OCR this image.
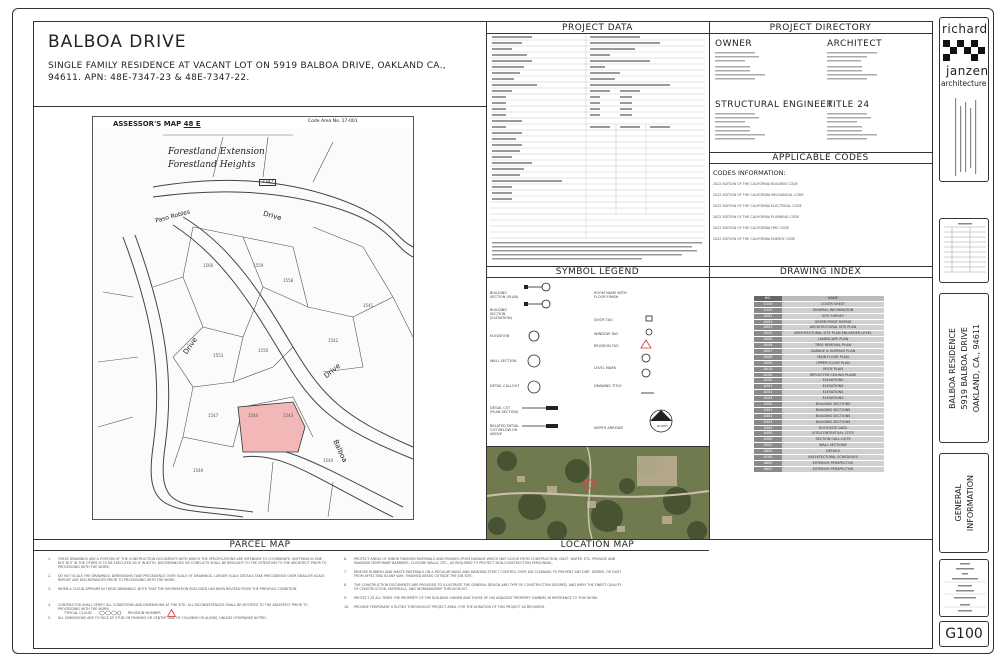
BALBOA DRIVE
SINGLE FAMILY RESIDENCE AT VACANT LOT ON 5919 BALBOA DRIVE, OAKLAND CA.,
94611. APN: 48E-7347-23 & 48E-7347-22.
ASSESSOR'S MAP 48 E	Code Area No. 17-001
1560	1559
1558
1553
1550
1542
1547	1544	1543
1549
1540
1541
Forestland Extension
Forestland Heights
7347
Paso Robles	Drive
Balboa
Drive
Drive
PARCEL MAP
PROJECT DATA	PROJECT DIRECTORY
OWNER	ARCHITECT
STRUCTURAL ENGINEER
TITLE 24
APPLICABLE CODES
CODES INFORMATION:
2022 EDITION OF THE CALIFORNIA BUILDING CODE
2022 EDITION OF THE CALIFORNIA MECHANICAL CODE
2022 EDITION OF THE CALIFORNIA ELECTRICAL CODE
2022 EDITION OF THE CALIFORNIA PLUMBING CODE
2022 EDITION OF THE CALIFORNIA FIRE CODE
2022 EDITION OF THE CALIFORNIA ENERGY CODE
SYMBOL LEGEND
BUILDING SECTION (PLAN)
BUILDING SECTION (ELEVATION)
ELEVATION
WALL SECTION
DETAIL CALLOUT
DETAIL CUT (PLAN SECTION)
RELATED DETAIL CUT BELOW OR ABOVE
ROOM NAME WITH FLOOR FINISH
DOOR TAG
WINDOW TAG
REVISION TAG
LEVEL MARK
DRAWING TITLE
NORTH ARROWS	NORTH
LOCATION MAP
DRAWING INDEX
NO.	NAME
G100	COVER SHEET
G101	GENERAL INFORMATION
A001	SITE SURVEY
A002	GREEN POINT RATING
A003	ARCHITECTURAL SITE PLAN
A004	ARCHITECTURAL SITE PLAN ENLARGED LEVEL
A005	LANDSCAPE PLAN
A006	TREE REMOVAL PLAN
A007	GARAGE & SURFACE PLAN
A008	MAIN FLOOR PLAN
A009	UPPER FLOOR PLAN
A010	ROOF PLAN
A100	REFLECTED CEILING PLANS
A200	ELEVATIONS
A201	ELEVATIONS
A202	ELEVATIONS
A203	ELEVATIONS
A300	BUILDING SECTIONS
A301	BUILDING SECTIONS
A302	BUILDING SECTIONS
A303	BUILDING SECTIONS
A304	ROOF/SITE DATA
A400	SITE/CONTEXTUAL COTS
A500	SECTION CALL-OUTS
A501	WALL SECTIONS
A600	DETAILS
A700	ARCHITECTURAL SCHEDULES
A800	EXTERIOR PERSPECTIVE
A801	EXTERIOR PERSPECTIVE
1.	THESE DRAWINGS ARE A PORTION OF THE CONSTRUCTION DOCUMENTS WITH WHICH THE SPECIFICATIONS ARE INTENDED TO COORDINATE. ANYTHING IN ONE BUT NOT IN THE OTHER IS TO BE EXECUTED AS IF IN BOTH. DISCREPANCIES OR CONFLICTS SHALL BE BROUGHT TO THE ATTENTION TO THE ARCHITECT PRIOR TO PROCEEDING WITH THE WORK.
2.	DO NOT SCALE THE DRAWINGS. DIMENSIONS TAKE PRECEDENCE OVER SCALE OF DRAWINGS. LARGER SCALE DETAILS TAKE PRECEDENCE OVER SMALLER SCALE. REPORT ANY DISCREPANCIES PRIOR TO PROCEEDING WITH THE WORK.
3.	WHEN A CLOUD APPEARS IN THESE DRAWINGS, NOTE THAT THE INFORMATION ENCLOSED HAS BEEN REVISED FROM THE PREVIOUS CONDITION.
4.	CONTRACTOR SHALL VERIFY ALL CONDITIONS AND DIMENSIONS AT THE SITE. ALL INCONSISTENCIES SHALL BE NOTIFIED TO THE ARCHITECT PRIOR TO PROCEEDING WITH THE WORK.
5.	ALL DIMENSIONS ARE TO FACE OF STUD OR FINISHES OR CENTER LINE OF COLUMNS OR ALIGNS, UNLESS OTHERWISE NOTED.
6.	PROTECT AREAS OF MINOR FINISHED MATERIALS AND FINISHES FROM DAMAGE WHICH MAY OCCUR FROM CONSTRUCTION, DUST, WATER, ETC. PROVIDE AND MAINTAIN TEMPORARY BARRIERS, CLOSURE WALLS, ETC., AS REQUIRED TO PROTECT NON-CONSTRUCTION PERSONNEL.
7.	REMOVE RUBBISH AND WASTE MATERIALS ON A REGULAR BASIS AND MAINTAIN STRICT CONTROL OVER JOB CLEANING TO PREVENT ANY DIRT, DEBRIS, OR DUST FROM AFFECTING IN ANY WAY, FINISHED AREAS OUTSIDE THE JOB SITE.
8.	THE CONSTRUCTION DOCUMENTS ARE PROVIDED TO ILLUSTRATE THE GENERAL DESIGN AND TYPE OF CONSTRUCTION DESIRED, AND IMPLY THE FINEST QUALITY OF CONSTRUCTION, MATERIALS, AND WORKMANSHIP THROUGHOUT.
9.	PROTECT AT ALL TIMES THE PROPERTY OF THE BUILDING OWNER AND THOSE OF HIS ADJACENT PROPERTY OWNERS IN REFERENCE TO THIS WORK.
10.	PROVIDE TEMPORARY UTILITIES THROUGHOUT PROJECT AREA, FOR THE DURATION OF THIS PROJECT AS REQUIRED.
TYPICAL CLOUD	REVISION NUMBER
richard
janzen
architecture
BALBOA RESIDENCE 5919 BALBOA DRIVE OAKLAND, CA., 94611
GENERAL INFORMATION
G100
